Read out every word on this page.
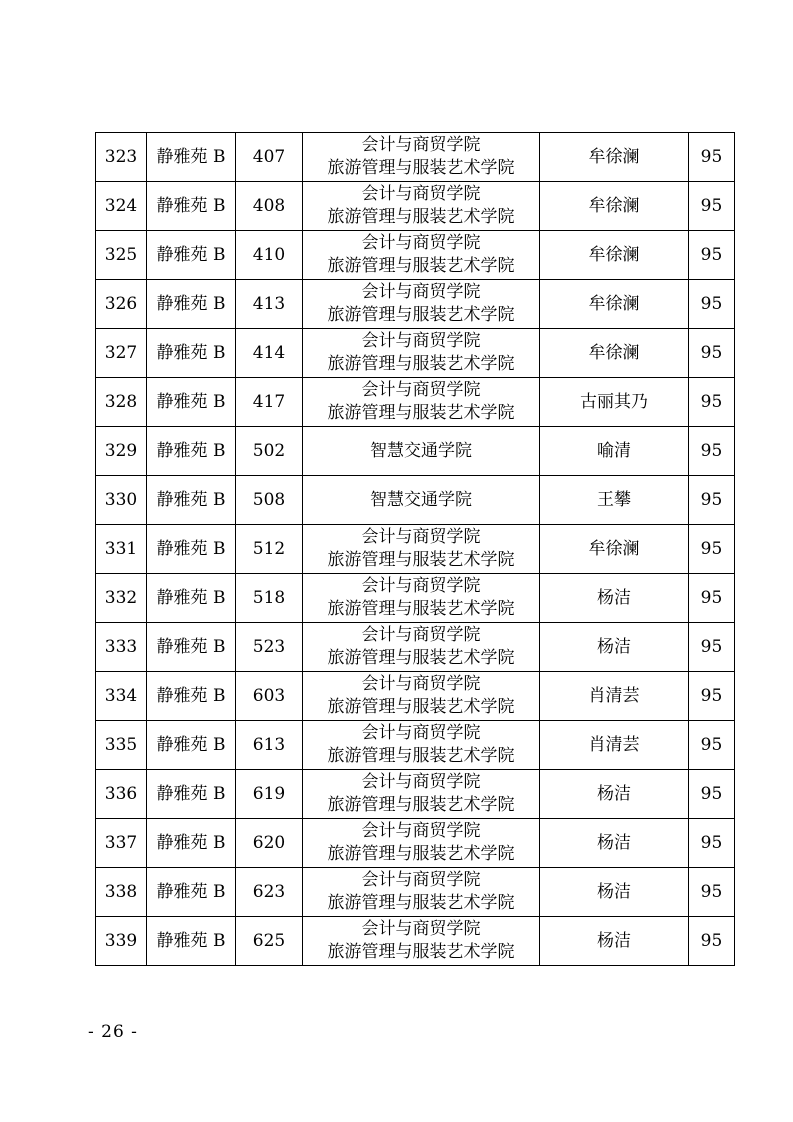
323	静雅苑 B	407	会计与商贸学院
旅游管理与服装艺术学院	牟徐澜	95
324	静雅苑 B	408	会计与商贸学院
旅游管理与服装艺术学院	牟徐澜	95
325	静雅苑 B	410	会计与商贸学院
旅游管理与服装艺术学院	牟徐澜	95
326	静雅苑 B	413	会计与商贸学院
旅游管理与服装艺术学院	牟徐澜	95
327	静雅苑 B	414	会计与商贸学院
旅游管理与服装艺术学院	牟徐澜	95
328	静雅苑 B	417	会计与商贸学院
旅游管理与服装艺术学院	古丽其乃	95
329	静雅苑 B	502	智慧交通学院	喻清	95
330	静雅苑 B	508	智慧交通学院	王攀	95
331	静雅苑 B	512	会计与商贸学院
旅游管理与服装艺术学院	牟徐澜	95
332	静雅苑 B	518	会计与商贸学院
旅游管理与服装艺术学院	杨洁	95
333	静雅苑 B	523	会计与商贸学院
旅游管理与服装艺术学院	杨洁	95
334	静雅苑 B	603	会计与商贸学院
旅游管理与服装艺术学院	肖清芸	95
335	静雅苑 B	613	会计与商贸学院
旅游管理与服装艺术学院	肖清芸	95
336	静雅苑 B	619	会计与商贸学院
旅游管理与服装艺术学院	杨洁	95
337	静雅苑 B	620	会计与商贸学院
旅游管理与服装艺术学院	杨洁	95
338	静雅苑 B	623	会计与商贸学院
旅游管理与服装艺术学院	杨洁	95
339	静雅苑 B	625	会计与商贸学院
旅游管理与服装艺术学院	杨洁	95
- 26 -
